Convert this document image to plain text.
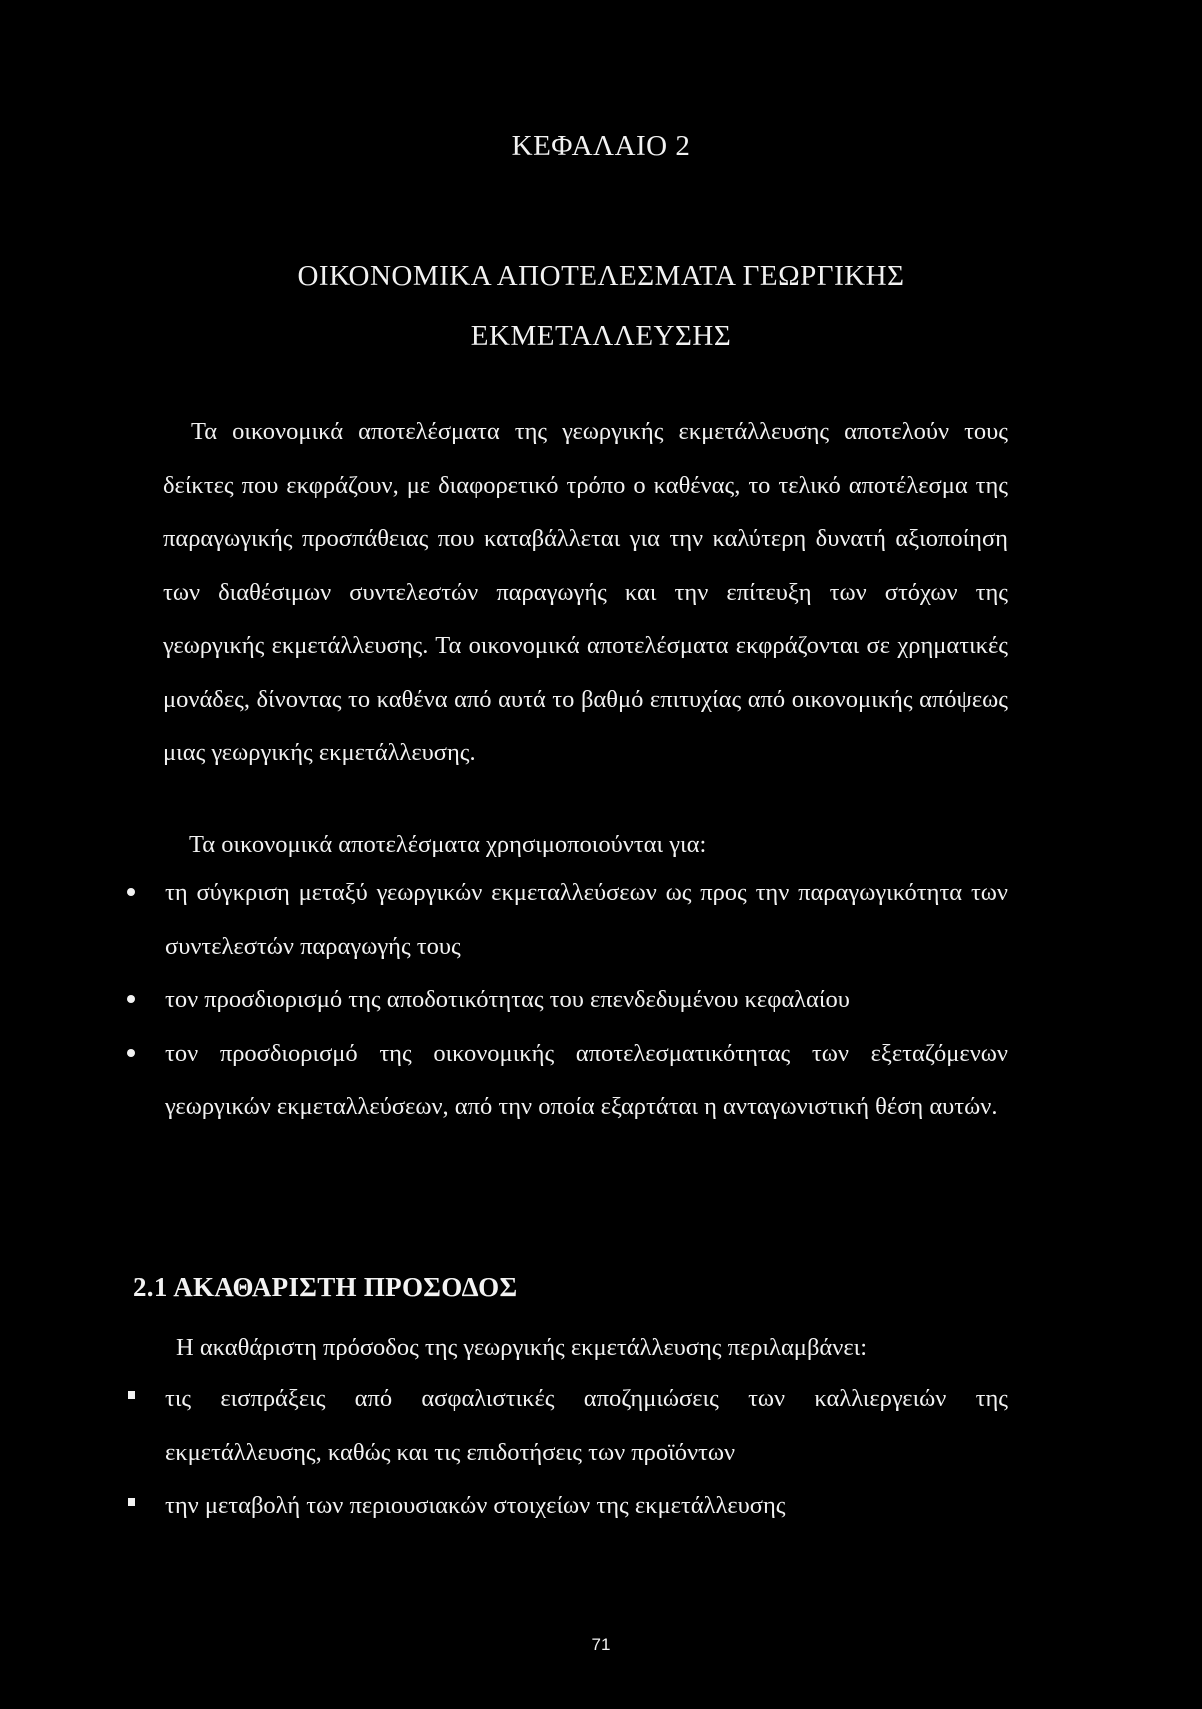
ΚΕΦΑΛΑΙΟ 2
ΟΙΚΟΝΟΜΙΚΑ ΑΠΟΤΕΛΕΣΜΑΤΑ ΓΕΩΡΓΙΚΗΣ
ΕΚΜΕΤΑΛΛΕΥΣΗΣ

Τα οικονομικά αποτελέσματα της γεωργικής εκμετάλλευσης αποτελούν τους δείκτες που εκφράζουν, με διαφορετικό τρόπο ο καθένας, το τελικό αποτέλεσμα της παραγωγικής προσπάθειας που καταβάλλεται για την καλύτερη δυνατή αξιοποίηση των διαθέσιμων συντελεστών παραγωγής και την επίτευξη των στόχων της γεωργικής εκμετάλλευσης. Τα οικονομικά αποτελέσματα εκφράζονται σε χρηματικές μονάδες, δίνοντας το καθένα από αυτά το βαθμό επιτυχίας από οικονομικής απόψεως μιας γεωργικής εκμετάλλευσης.

Τα οικονομικά αποτελέσματα χρησιμοποιούνται για:
τη σύγκριση μεταξύ γεωργικών εκμεταλλεύσεων ως προς την παραγωγικότητα των συντελεστών παραγωγής τους
τον προσδιορισμό της αποδοτικότητας του επενδεδυμένου κεφαλαίου
τον προσδιορισμό της οικονομικής αποτελεσματικότητας των εξεταζόμενων γεωργικών εκμεταλλεύσεων, από την οποία εξαρτάται η ανταγωνιστική θέση αυτών.
2.1 ΑΚΑΘΑΡΙΣΤΗ ΠΡΟΣΟΔΟΣ
Η ακαθάριστη πρόσοδος της γεωργικής εκμετάλλευσης περιλαμβάνει:
τις εισπράξεις από ασφαλιστικές αποζημιώσεις των καλλιεργειών της εκμετάλλευσης, καθώς και τις επιδοτήσεις των προϊόντων
την μεταβολή των περιουσιακών στοιχείων της εκμετάλλευσης
71
